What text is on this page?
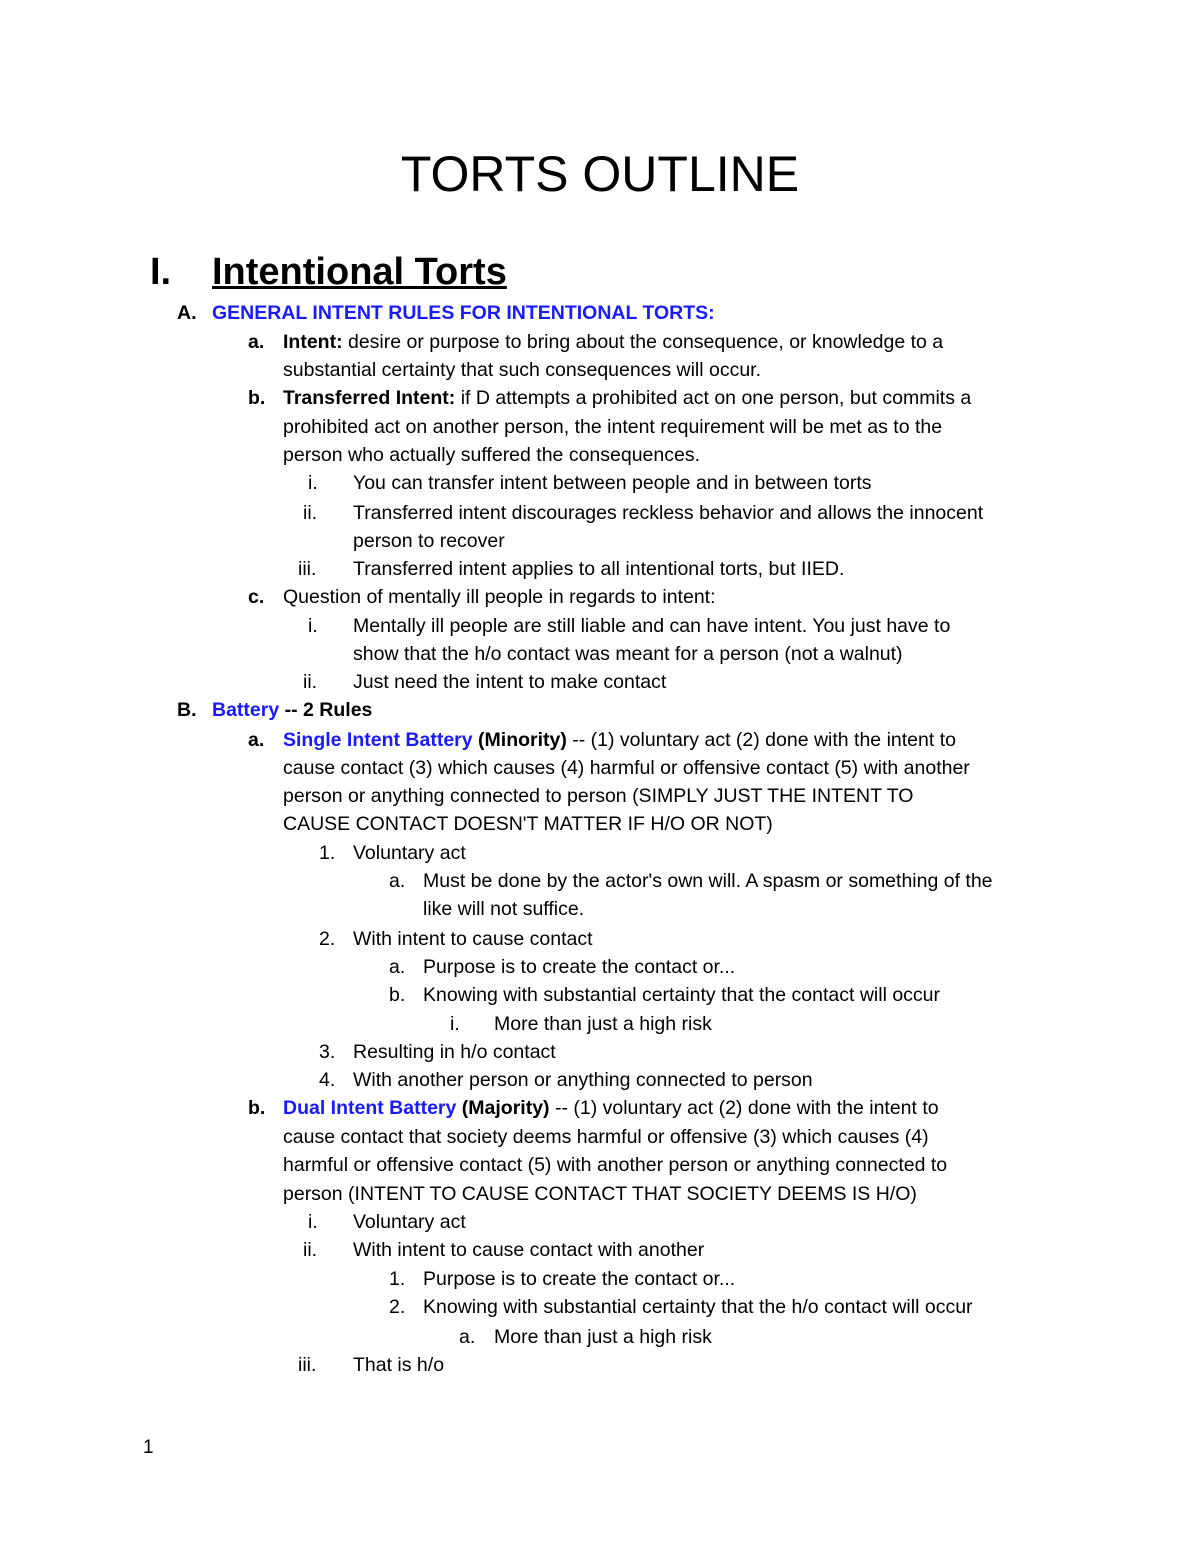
TORTS OUTLINE
I. Intentional Torts
A. GENERAL INTENT RULES FOR INTENTIONAL TORTS:
a. Intent: desire or purpose to bring about the consequence, or knowledge to a
substantial certainty that such consequences will occur.
b. Transferred Intent: if D attempts a prohibited act on one person, but commits a
prohibited act on another person, the intent requirement will be met as to the
person who actually suffered the consequences.
i. You can transfer intent between people and in between torts
ii. Transferred intent discourages reckless behavior and allows the innocent
person to recover
iii. Transferred intent applies to all intentional torts, but IIED.
c. Question of mentally ill people in regards to intent:
i. Mentally ill people are still liable and can have intent. You just have to
show that the h/o contact was meant for a person (not a walnut)
ii. Just need the intent to make contact
B. Battery -- 2 Rules
a. Single Intent Battery (Minority) -- (1) voluntary act (2) done with the intent to
cause contact (3) which causes (4) harmful or offensive contact (5) with another
person or anything connected to person (SIMPLY JUST THE INTENT TO
CAUSE CONTACT DOESN'T MATTER IF H/O OR NOT)
1. Voluntary act
a. Must be done by the actor's own will. A spasm or something of the
like will not suffice.
2. With intent to cause contact
a. Purpose is to create the contact or...
b. Knowing with substantial certainty that the contact will occur
i. More than just a high risk
3. Resulting in h/o contact
4. With another person or anything connected to person
b. Dual Intent Battery (Majority) -- (1) voluntary act (2) done with the intent to
cause contact that society deems harmful or offensive (3) which causes (4)
harmful or offensive contact (5) with another person or anything connected to
person (INTENT TO CAUSE CONTACT THAT SOCIETY DEEMS IS H/O)
i. Voluntary act
ii. With intent to cause contact with another
1. Purpose is to create the contact or...
2. Knowing with substantial certainty that the h/o contact will occur
a. More than just a high risk
iii. That is h/o
1
